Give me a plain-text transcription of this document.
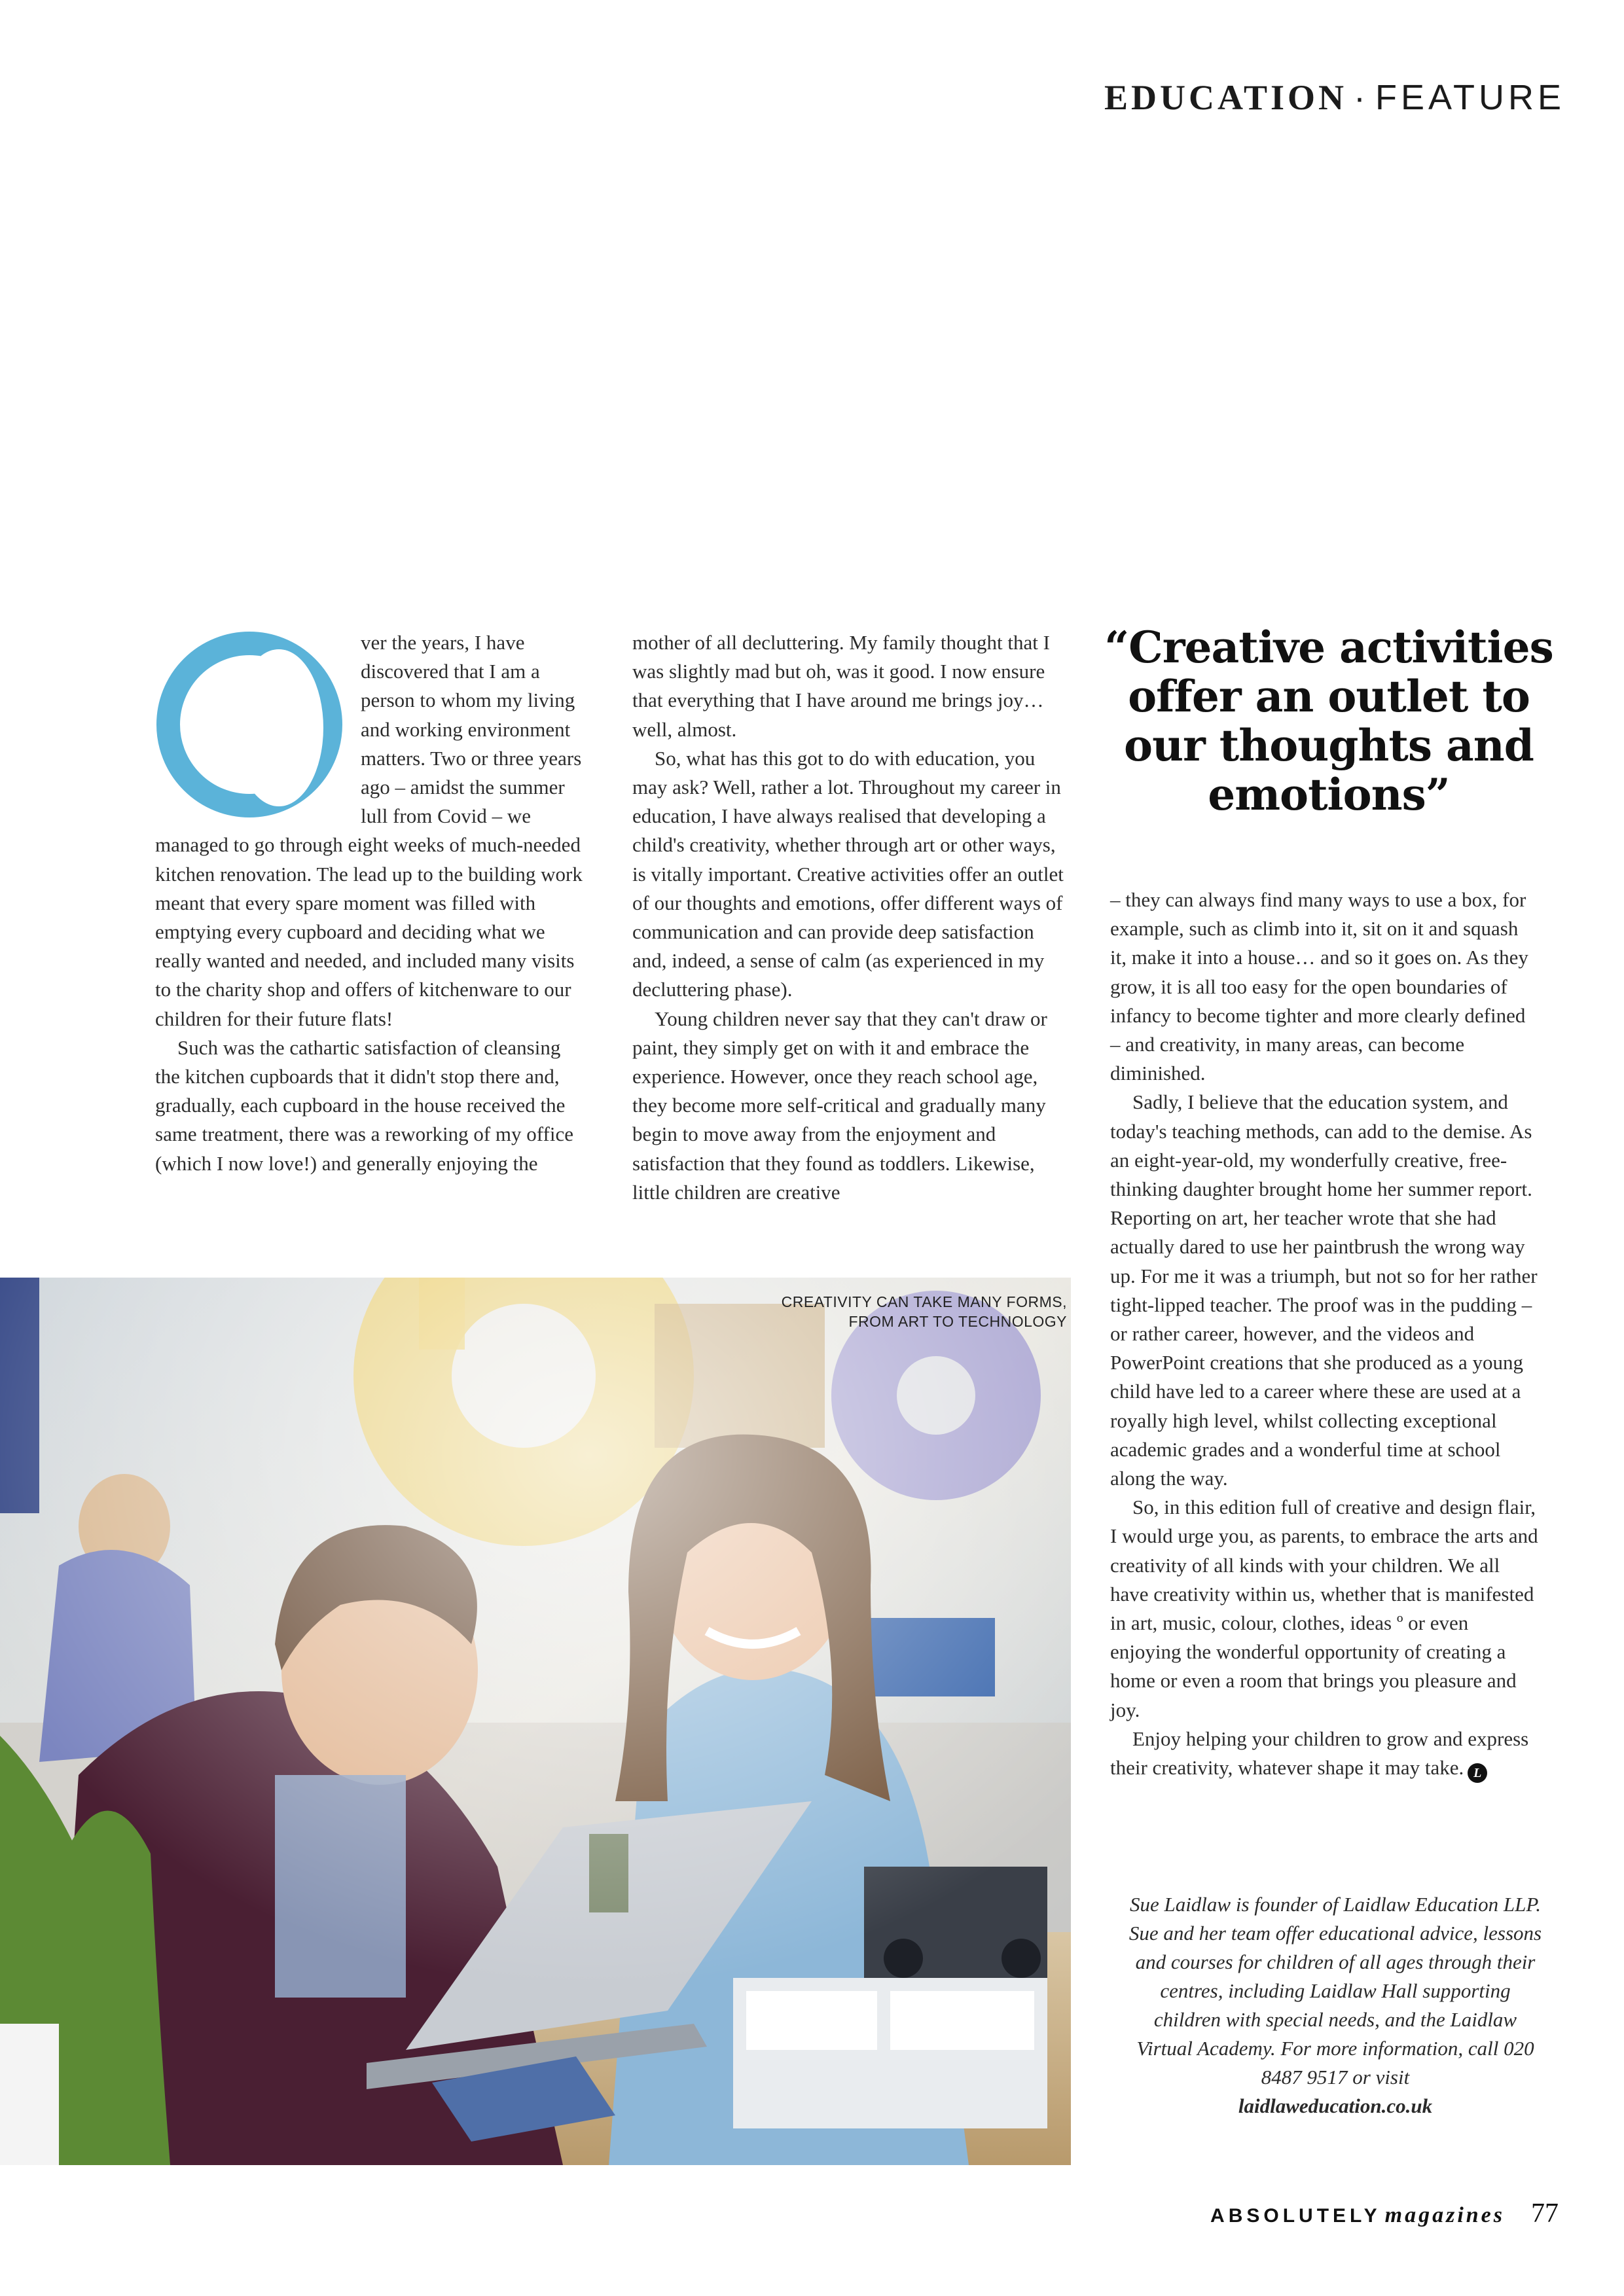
EDUCATION · FEATURE

ver the years, I have discovered that I am a person to whom my living and working environment matters. Two or three years ago – amidst the summer lull from Covid – we managed to go through eight weeks of much-needed kitchen renovation. The lead up to the building work meant that every spare moment was filled with emptying every cupboard and deciding what we really wanted and needed, and included many visits to the charity shop and offers of kitchenware to our children for their future flats!

Such was the cathartic satisfaction of cleansing the kitchen cupboards that it didn't stop there and, gradually, each cupboard in the house received the same treatment, there was a reworking of my office (which I now love!) and generally enjoying the

mother of all decluttering. My family thought that I was slightly mad but oh, was it good. I now ensure that everything that I have around me brings joy… well, almost.

So, what has this got to do with education, you may ask? Well, rather a lot. Throughout my career in education, I have always realised that developing a child's creativity, whether through art or other ways, is vitally important. Creative activities offer an outlet of our thoughts and emotions, offer different ways of communication and can provide deep satisfaction and, indeed, a sense of calm (as experienced in my decluttering phase).

Young children never say that they can't draw or paint, they simply get on with it and embrace the experience. However, once they reach school age, they become more self-critical and gradually many begin to move away from the enjoyment and satisfaction that they found as toddlers. Likewise, little children are creative

“Creative activities offer an outlet to our thoughts and emotions”

– they can always find many ways to use a box, for example, such as climb into it, sit on it and squash it, make it into a house… and so it goes on. As they grow, it is all too easy for the open boundaries of infancy to become tighter and more clearly defined – and creativity, in many areas, can become diminished.

Sadly, I believe that the education system, and today's teaching methods, can add to the demise. As an eight-year-old, my wonderfully creative, free-thinking daughter brought home her summer report. Reporting on art, her teacher wrote that she had actually dared to use her paintbrush the wrong way up. For me it was a triumph, but not so for her rather tight-lipped teacher. The proof was in the pudding – or rather career, however, and the videos and PowerPoint creations that she produced as a young child have led to a career where these are used at a royally high level, whilst collecting exceptional academic grades and a wonderful time at school along the way.

So, in this edition full of creative and design flair, I would urge you, as parents, to embrace the arts and creativity of all kinds with your children. We all have creativity within us, whether that is manifested in art, music, colour, clothes, ideas º or even enjoying the wonderful opportunity of creating a home or even a room that brings you pleasure and joy.

Enjoy helping your children to grow and express their creativity, whatever shape it may take. L

CREATIVITY CAN TAKE MANY FORMS,
FROM ART TO TECHNOLOGY
Sue Laidlaw is founder of Laidlaw Education LLP. Sue and her team offer educational advice, lessons and courses for children of all ages through their centres, including Laidlaw Hall supporting children with special needs, and the Laidlaw Virtual Academy. For more information, call 020 8487 9517 or visit
laidlaweducation.co.uk
ABSOLUTELY magazines 77
